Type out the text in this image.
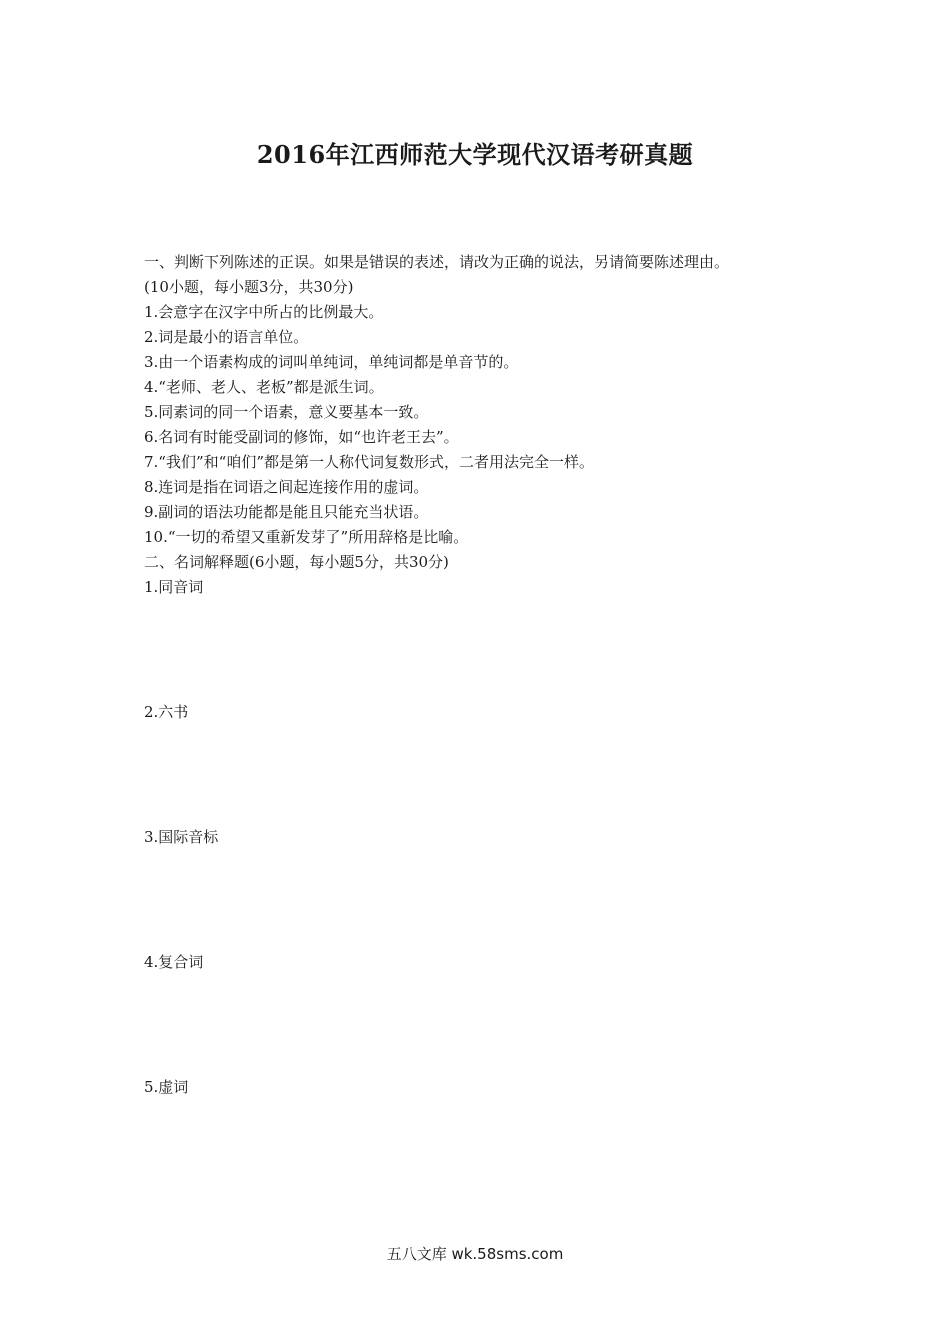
2016年江西师范大学现代汉语考研真题
一、判断下列陈述的正误。如果是错误的表述，请改为正确的说法，另请简要陈述理由。
(10小题，每小题3分，共30分)
1.会意字在汉字中所占的比例最大。
2.词是最小的语言单位。
3.由一个语素构成的词叫单纯词，单纯词都是单音节的。
4.“老师、老人、老板”都是派生词。
5.同素词的同一个语素，意义要基本一致。
6.名词有时能受副词的修饰，如“也许老王去”。
7.“我们”和“咱们”都是第一人称代词复数形式，二者用法完全一样。
8.连词是指在词语之间起连接作用的虚词。
9.副词的语法功能都是能且只能充当状语。
10.“一切的希望又重新发芽了”所用辞格是比喻。
二、名词解释题(6小题，每小题5分，共30分)
1.同音词
2.六书
3.国际音标
4.复合词
5.虚词
五八文库 wk.58sms.com
